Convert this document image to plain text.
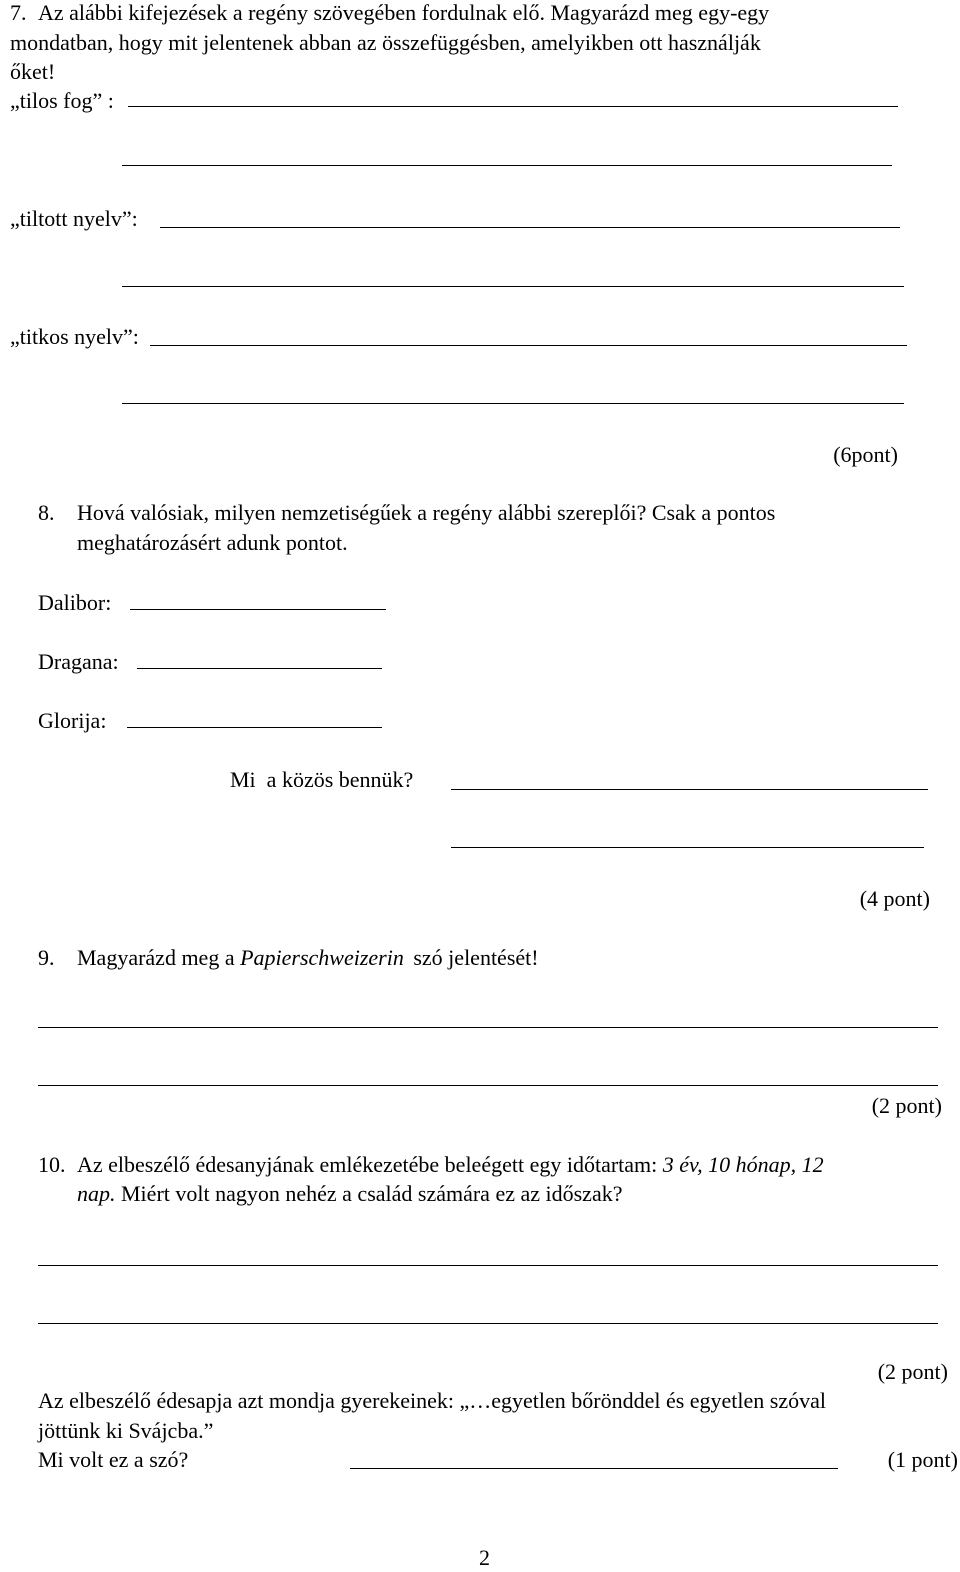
7. Az alábbi kifejezések a regény szövegében fordulnak elő. Magyarázd meg egy-egy
mondatban, hogy mit jelentenek abban az összefüggésben, amelyikben ott használják
őket!
„tilos fog” :
„tiltott nyelv”:
„titkos nyelv”:
(6pont)
8. Hová valósiak, milyen nemzetiségűek a regény alábbi szereplői? Csak a pontos
meghatározásért adunk pontot.
Dalibor:
Dragana:
Glorija:
Mi  a közös bennük?
(4 pont)
9. Magyarázd meg a Papierschweizerin szó jelentését!
(2 pont)
10. Az elbeszélő édesanyjának emlékezetébe beleégett egy időtartam: 3 év, 10 hónap, 12
nap. Miért volt nagyon nehéz a család számára ez az időszak?
(2 pont)
Az elbeszélő édesapja azt mondja gyerekeinek: „…egyetlen bőrönddel és egyetlen szóval
jöttünk ki Svájcba.”
Mi volt ez a szó?	(1 pont)
2
